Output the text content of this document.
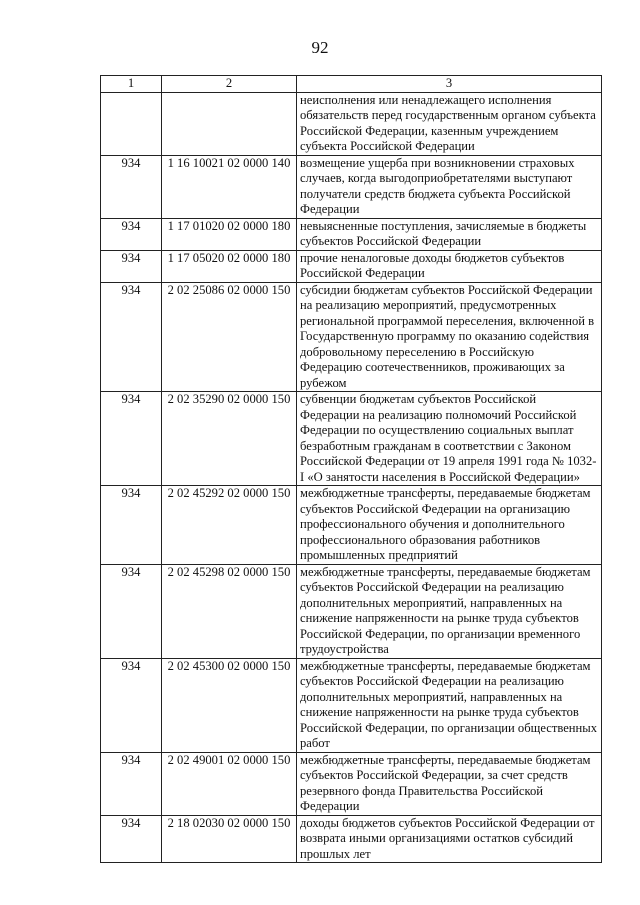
92
1	2	3
		неисполнения или ненадлежащего исполнения обязательств перед государственным органом субъекта Российской Федерации, казенным учреждением субъекта Российской Федерации
934	1 16 10021 02 0000 140	возмещение ущерба при возникновении страховых случаев, когда выгодоприобретателями выступают получатели средств бюджета субъекта Российской Федерации
934	1 17 01020 02 0000 180	невыясненные поступления, зачисляемые в бюджеты субъектов Российской Федерации
934	1 17 05020 02 0000 180	прочие неналоговые доходы бюджетов субъектов Российской Федерации
934	2 02 25086 02 0000 150	субсидии бюджетам субъектов Российской Федерации на реализацию мероприятий, предусмотренных региональной программой переселения, включенной в Государственную программу по оказанию содействия добровольному переселению в Российскую Федерацию соотечественников, проживающих за рубежом
934	2 02 35290 02 0000 150	субвенции бюджетам субъектов Российской Федерации на реализацию полномочий Российской Федерации по осуществлению социальных выплат безработным гражданам в соответствии с Законом Российской Федерации от 19 апреля 1991 года № 1032-I «О занятости населения в Российской Федерации»
934	2 02 45292 02 0000 150	межбюджетные трансферты, передаваемые бюджетам субъектов Российской Федерации на организацию профессионального обучения и дополнительного профессионального образования работников промышленных предприятий
934	2 02 45298 02 0000 150	межбюджетные трансферты, передаваемые бюджетам субъектов Российской Федерации на реализацию дополнительных мероприятий, направленных на снижение напряженности на рынке труда субъектов Российской Федерации, по организации временного трудоустройства
934	2 02 45300 02 0000 150	межбюджетные трансферты, передаваемые бюджетам субъектов Российской Федерации на реализацию дополнительных мероприятий, направленных на снижение напряженности на рынке труда субъектов Российской Федерации, по организации общественных работ
934	2 02 49001 02 0000 150	межбюджетные трансферты, передаваемые бюджетам субъектов Российской Федерации, за счет средств резервного фонда Правительства Российской Федерации
934	2 18 02030 02 0000 150	доходы бюджетов субъектов Российской Федерации от возврата иными организациями остатков субсидий прошлых лет
